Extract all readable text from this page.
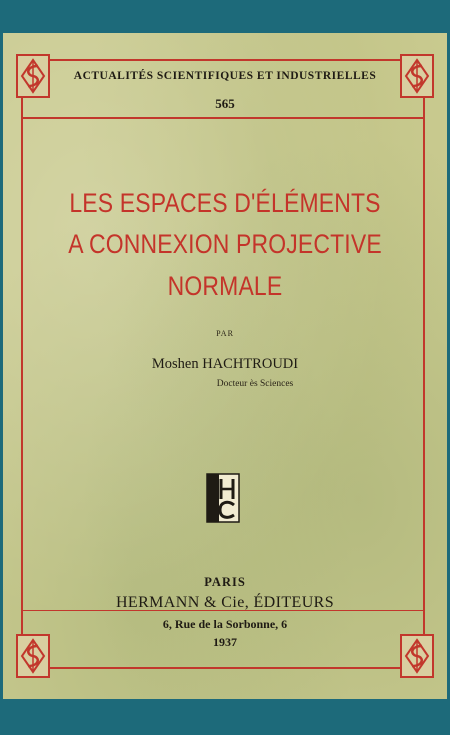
ACTUALITÉS SCIENTIFIQUES ET INDUSTRIELLES
565
LES ESPACES D'ÉLÉMENTS
A CONNEXION PROJECTIVE
NORMALE
PAR
Moshen HACHTROUDI
Docteur ès Sciences
PARIS
HERMANN & Cie, ÉDITEURS
6, Rue de la Sorbonne, 6
1937
